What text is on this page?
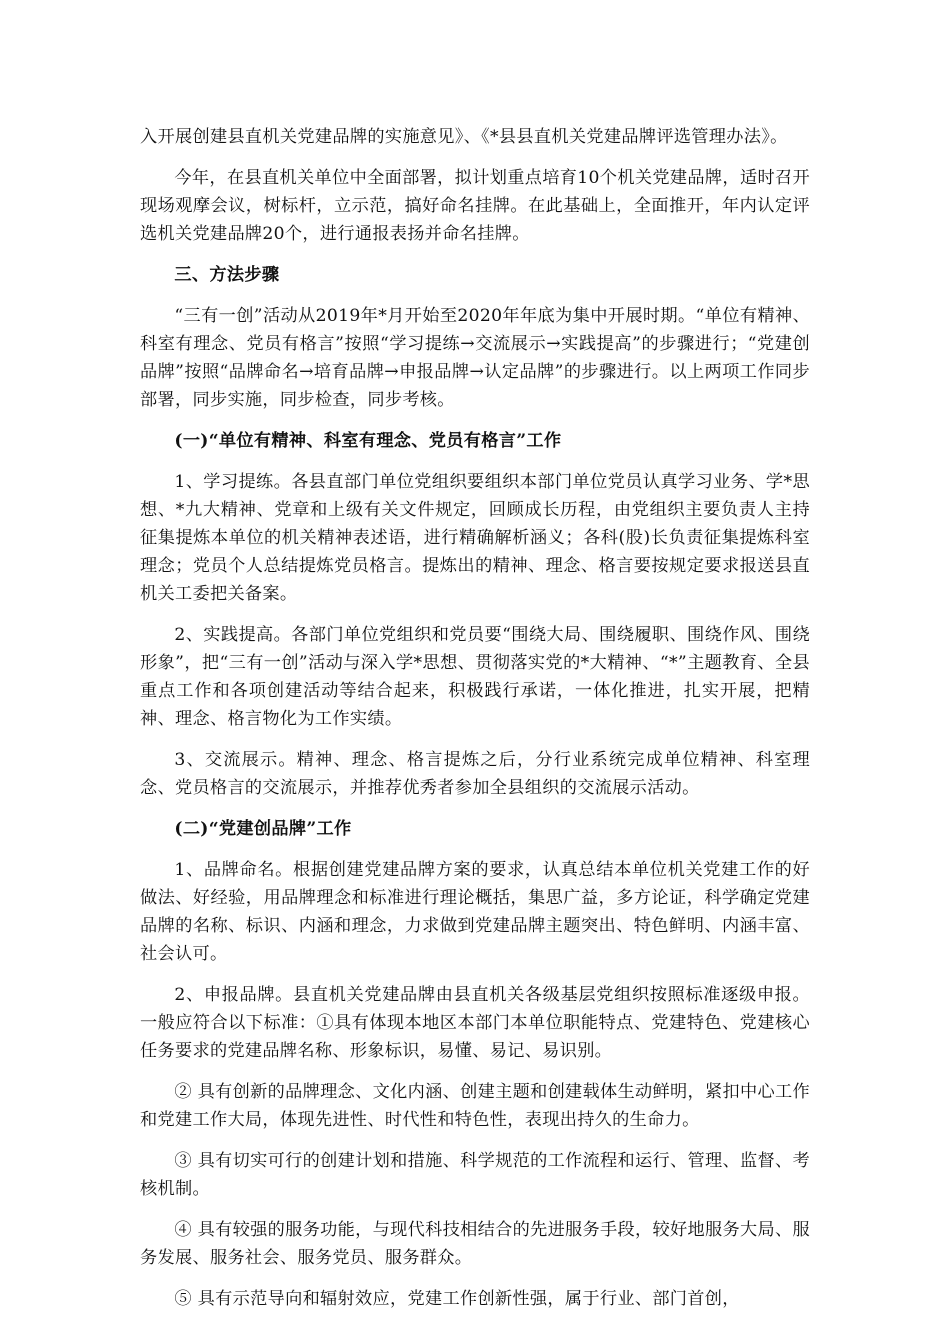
入开展创建县直机关党建品牌的实施意见》、《*县县直机关党建品牌评选管理办法》。

今年，在县直机关单位中全面部署，拟计划重点培育10个机关党建品牌，适时召开现场观摩会议，树标杆，立示范，搞好命名挂牌。在此基础上，全面推开，年内认定评选机关党建品牌20个，进行通报表扬并命名挂牌。

三、方法步骤

“三有一创”活动从2019年*月开始至2020年年底为集中开展时期。“单位有精神、科室有理念、党员有格言”按照“学习提练→交流展示→实践提高”的步骤进行；“党建创品牌”按照“品牌命名→培育品牌→申报品牌→认定品牌”的步骤进行。以上两项工作同步部署，同步实施，同步检查，同步考核。

(一)“单位有精神、科室有理念、党员有格言”工作

1、学习提练。各县直部门单位党组织要组织本部门单位党员认真学习业务、学*思想、*九大精神、党章和上级有关文件规定，回顾成长历程，由党组织主要负责人主持征集提炼本单位的机关精神表述语，进行精确解析涵义；各科(股)长负责征集提炼科室理念；党员个人总结提炼党员格言。提炼出的精神、理念、格言要按规定要求报送县直机关工委把关备案。

2、实践提高。各部门单位党组织和党员要“围绕大局、围绕履职、围绕作风、围绕形象”，把“三有一创”活动与深入学*思想、贯彻落实党的*大精神、“*”主题教育、全县重点工作和各项创建活动等结合起来，积极践行承诺，一体化推进，扎实开展，把精神、理念、格言物化为工作实绩。

3、交流展示。精神、理念、格言提炼之后，分行业系统完成单位精神、科室理念、党员格言的交流展示，并推荐优秀者参加全县组织的交流展示活动。

(二)“党建创品牌”工作

1、品牌命名。根据创建党建品牌方案的要求，认真总结本单位机关党建工作的好做法、好经验，用品牌理念和标准进行理论概括，集思广益，多方论证，科学确定党建品牌的名称、标识、内涵和理念，力求做到党建品牌主题突出、特色鲜明、内涵丰富、社会认可。

2、申报品牌。县直机关党建品牌由县直机关各级基层党组织按照标准逐级申报。一般应符合以下标准：①具有体现本地区本部门本单位职能特点、党建特色、党建核心任务要求的党建品牌名称、形象标识，易懂、易记、易识别。

② 具有创新的品牌理念、文化内涵、创建主题和创建载体生动鲜明，紧扣中心工作和党建工作大局，体现先进性、时代性和特色性，表现出持久的生命力。

③ 具有切实可行的创建计划和措施、科学规范的工作流程和运行、管理、监督、考核机制。

④ 具有较强的服务功能，与现代科技相结合的先进服务手段，较好地服务大局、服务发展、服务社会、服务党员、服务群众。

⑤ 具有示范导向和辐射效应，党建工作创新性强，属于行业、部门首创，
